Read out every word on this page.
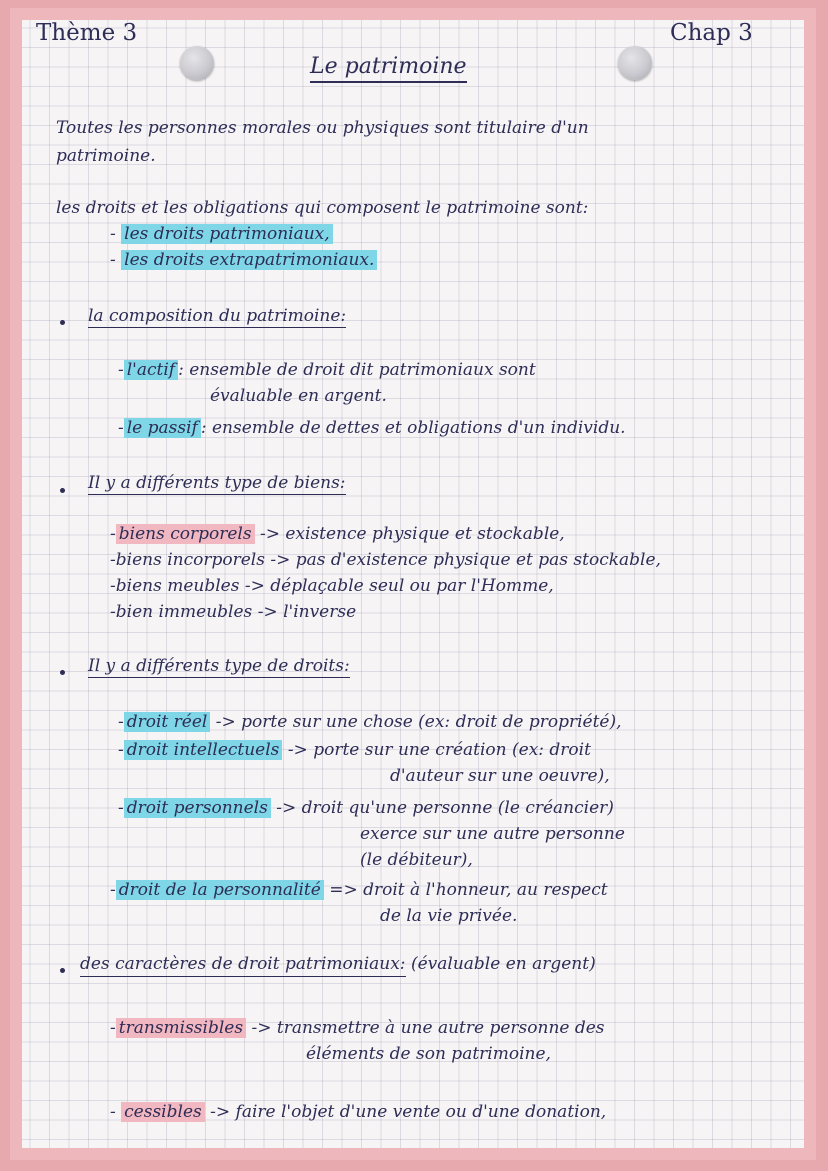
Thème 3	Chap 3
Le patrimoine
Toutes les personnes morales ou physiques sont titulaire d'un
patrimoine.
les droits et les obligations qui composent le patrimoine sont:
- les droits patrimoniaux,
- les droits extrapatrimoniaux.
la composition du patrimoine:
- l'actif : ensemble de droit dit patrimoniaux sont
évaluable en argent.
- le passif : ensemble de dettes et obligations d'un individu.
Il y a différents type de biens:
- biens corporels -> existence physique et stockable,
-biens incorporels -> pas d'existence physique et pas stockable,
-biens meubles -> déplaçable seul ou par l'Homme,
-bien immeubles -> l'inverse
Il y a différents type de droits:
- droit réel -> porte sur une chose (ex: droit de propriété),
- droit intellectuels -> porte sur une création (ex: droit
d'auteur sur une oeuvre),
- droit personnels -> droit qu'une personne (le créancier)
exerce sur une autre personne
(le débiteur),
- droit de la personnalité => droit à l'honneur, au respect
de la vie privée.
des caractères de droit patrimoniaux: (évaluable en argent)
- transmissibles -> transmettre à une autre personne des
éléments de son patrimoine,
- cessibles -> faire l'objet d'une vente ou d'une donation,
